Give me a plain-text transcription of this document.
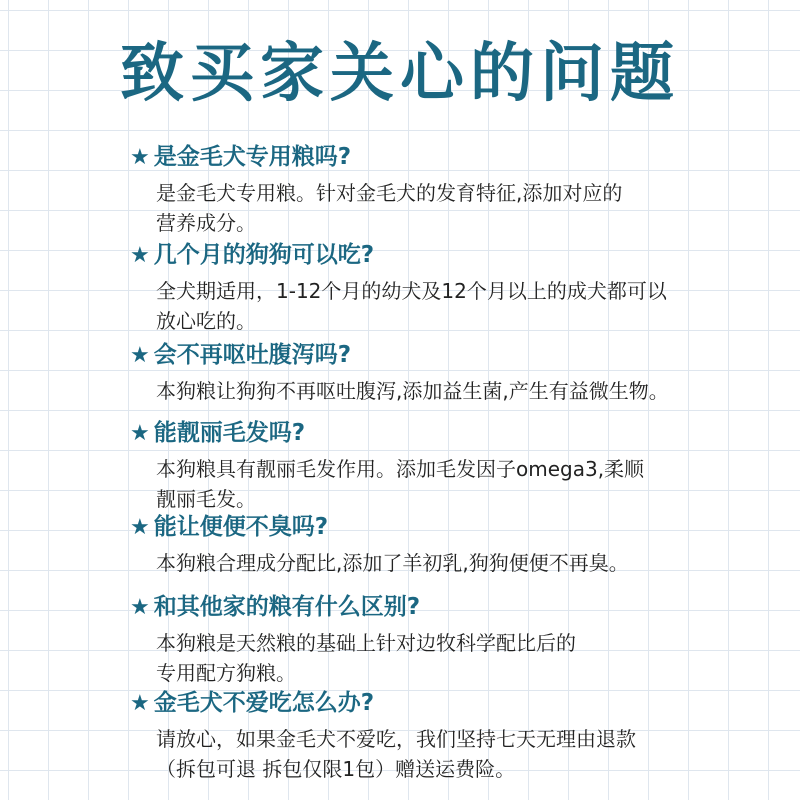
致买家关心的问题
★ 是金毛犬专用粮吗?
是金毛犬专用粮。针对金毛犬的发育特征,添加对应的
营养成分。
★ 几个月的狗狗可以吃?
全犬期适用，1-12个月的幼犬及12个月以上的成犬都可以
放心吃的。
★ 会不再呕吐腹泻吗?
本狗粮让狗狗不再呕吐腹泻,添加益生菌,产生有益微生物。
★ 能靓丽毛发吗?
本狗粮具有靓丽毛发作用。添加毛发因子omega3,柔顺
靓丽毛发。
★ 能让便便不臭吗?
本狗粮合理成分配比,添加了羊初乳,狗狗便便不再臭。
★ 和其他家的粮有什么区别?
本狗粮是天然粮的基础上针对边牧科学配比后的
专用配方狗粮。
★ 金毛犬不爱吃怎么办?
请放心，如果金毛犬不爱吃，我们坚持七天无理由退款
（拆包可退 拆包仅限1包）赠送运费险。
